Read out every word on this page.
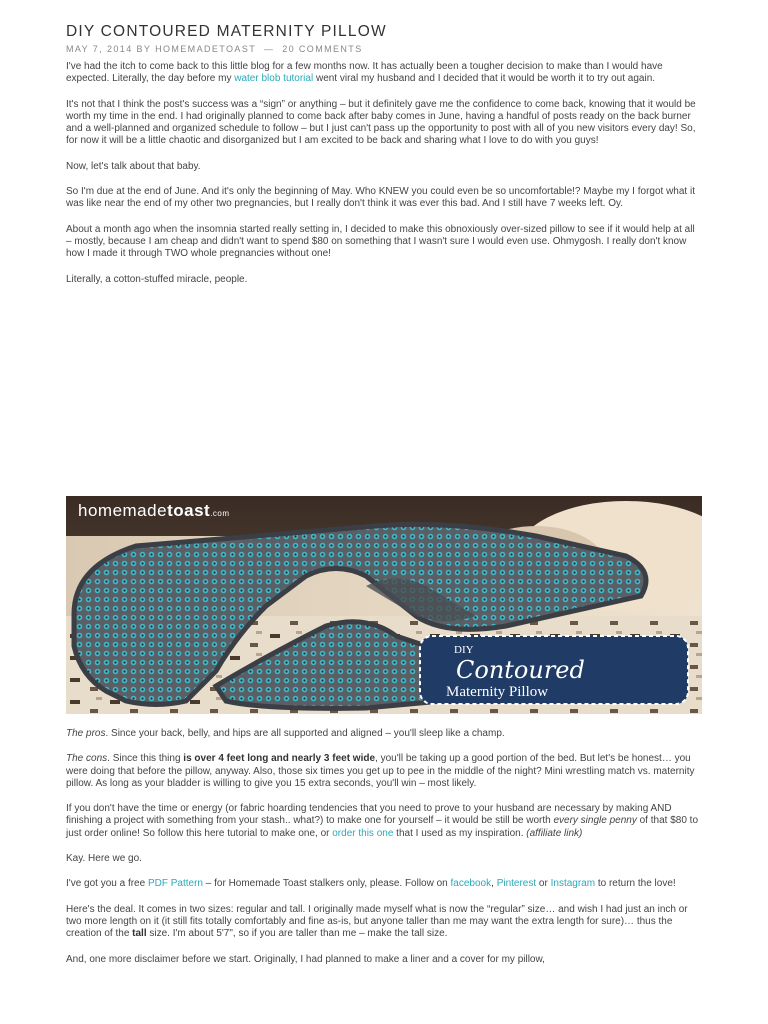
DIY CONTOURED MATERNITY PILLOW
MAY 7, 2014 BY HOMEMADETOAST — 20 COMMENTS

I've had the itch to come back to this little blog for a few months now. It has actually been a tougher decision to make than I would have expected. Literally, the day before my water blob tutorial went viral my husband and I decided that it would be worth it to try out again.

It's not that I think the post's success was a “sign” or anything – but it definitely gave me the confidence to come back, knowing that it would be worth my time in the end. I had originally planned to come back after baby comes in June, having a handful of posts ready on the back burner and a well-planned and organized schedule to follow – but I just can't pass up the opportunity to post with all of you new visitors every day! So, for now it will be a little chaotic and disorganized but I am excited to be back and sharing what I love to do with you guys!

Now, let's talk about that baby.

So I'm due at the end of June. And it's only the beginning of May. Who KNEW you could even be so uncomfortable!? Maybe my I forgot what it was like near the end of my other two pregnancies, but I really don't think it was ever this bad. And I still have 7 weeks left. Oy.

About a month ago when the insomnia started really setting in, I decided to make this obnoxiously over-sized pillow to see if it would help at all – mostly, because I am cheap and didn't want to spend $80 on something that I wasn't sure I would even use. Ohmygosh. I really don't know how I made it through TWO whole pregnancies without one!

Literally, a cotton-stuffed miracle, people.

homemadetoast.com
DIY
Contoured
Maternity Pillow

The pros. Since your back, belly, and hips are all supported and aligned – you'll sleep like a champ.

The cons. Since this thing is over 4 feet long and nearly 3 feet wide, you'll be taking up a good portion of the bed. But let's be honest… you were doing that before the pillow, anyway. Also, those six times you get up to pee in the middle of the night? Mini wrestling match vs. maternity pillow. As long as your bladder is willing to give you 15 extra seconds, you'll win – most likely.

If you don't have the time or energy (or fabric hoarding tendencies that you need to prove to your husband are necessary by making AND finishing a project with something from your stash.. what?) to make one for yourself – it would be still be worth every single penny of that $80 to just order online! So follow this here tutorial to make one, or order this one that I used as my inspiration. (affiliate link)

Kay. Here we go.

I've got you a free PDF Pattern – for Homemade Toast stalkers only, please. Follow on facebook, Pinterest or Instagram to return the love!

Here's the deal. It comes in two sizes: regular and tall. I originally made myself what is now the “regular” size… and wish I had just an inch or two more length on it (it still fits totally comfortably and fine as-is, but anyone taller than me may want the extra length for sure)… thus the creation of the tall size. I'm about 5'7", so if you are taller than me – make the tall size.

And, one more disclaimer before we start. Originally, I had planned to make a liner and a cover for my pillow,
